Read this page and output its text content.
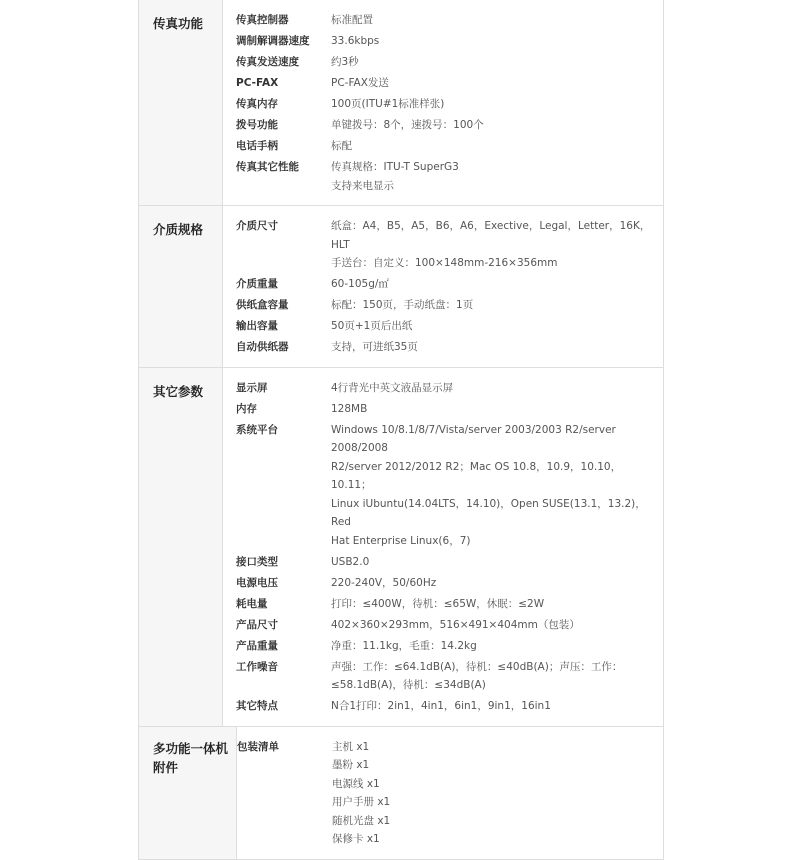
传真功能	传真控制器	标准配置
调制解调器速度	33.6kbps
传真发送速度	约3秒
PC-FAX	PC-FAX发送
传真内存	100页(ITU#1标准样张)
拨号功能	单键拨号：8个，速拨号：100个
电话手柄	标配
传真其它性能	传真规格：ITU-T SuperG3
支持来电显示
介质规格	介质尺寸	纸盒：A4，B5，A5，B6，A6，Exective，Legal，Letter，16K，HLT
手送台：自定义：100×148mm-216×356mm
介质重量	60-105g/㎡
供纸盒容量	标配：150页，手动纸盘：1页
输出容量	50页+1页后出纸
自动供纸器	支持，可进纸35页
其它参数	显示屏	4行背光中英文液晶显示屏
内存	128MB
系统平台	Windows 10/8.1/8/7/Vista/server 2003/2003 R2/server 2008/2008
R2/server 2012/2012 R2；Mac OS 10.8，10.9，10.10，10.11；
Linux iUbuntu(14.04LTS，14.10)，Open SUSE(13.1，13.2)，Red
Hat Enterprise Linux(6，7)
接口类型	USB2.0
电源电压	220-240V，50/60Hz
耗电量	打印：≤400W，待机：≤65W，休眠：≤2W
产品尺寸	402×360×293mm，516×491×404mm（包装）
产品重量	净重：11.1kg，毛重：14.2kg
工作噪音	声强：工作：≤64.1dB(A)，待机：≤40dB(A)；声压：工作：
≤58.1dB(A)，待机：≤34dB(A)
其它特点	N合1打印：2in1，4in1，6in1，9in1，16in1
多功能一体机附件
包装清单	主机 x1
墨粉 x1
电源线 x1
用户手册 x1
随机光盘 x1
保修卡 x1
